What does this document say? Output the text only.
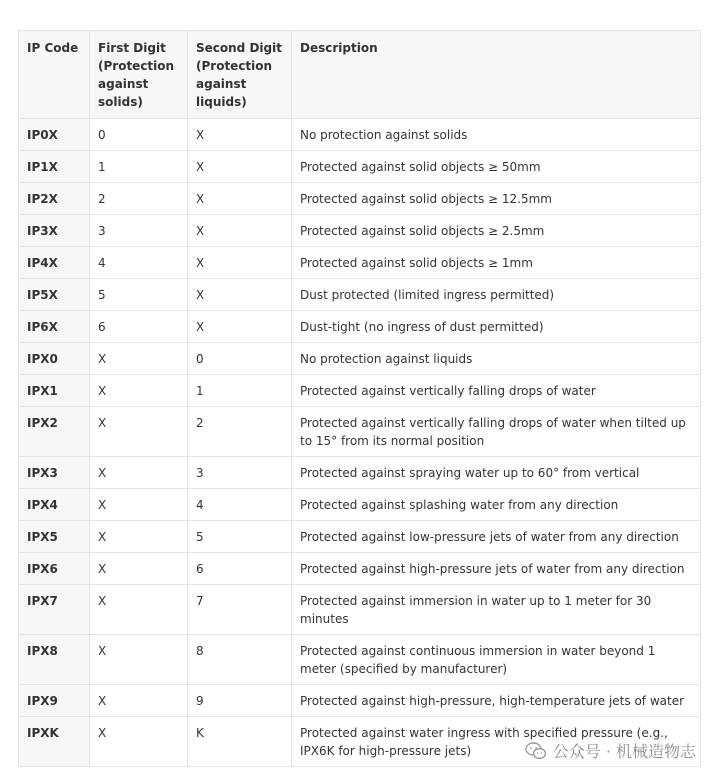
IP Code	First Digit (Protection against solids)	Second Digit (Protection against liquids)	Description
IP0X	0	X	No protection against solids
IP1X	1	X	Protected against solid objects ≥ 50mm
IP2X	2	X	Protected against solid objects ≥ 12.5mm
IP3X	3	X	Protected against solid objects ≥ 2.5mm
IP4X	4	X	Protected against solid objects ≥ 1mm
IP5X	5	X	Dust protected (limited ingress permitted)
IP6X	6	X	Dust-tight (no ingress of dust permitted)
IPX0	X	0	No protection against liquids
IPX1	X	1	Protected against vertically falling drops of water
IPX2	X	2	Protected against vertically falling drops of water when tilted up to 15° from its normal position
IPX3	X	3	Protected against spraying water up to 60° from vertical
IPX4	X	4	Protected against splashing water from any direction
IPX5	X	5	Protected against low-pressure jets of water from any direction
IPX6	X	6	Protected against high-pressure jets of water from any direction
IPX7	X	7	Protected against immersion in water up to 1 meter for 30 minutes
IPX8	X	8	Protected against continuous immersion in water beyond 1 meter (specified by manufacturer)
IPX9	X	9	Protected against high-pressure, high-temperature jets of water
IPXK	X	K	Protected against water ingress with specified pressure (e.g., IPX6K for high-pressure jets)	公众号 · 机械造物志
